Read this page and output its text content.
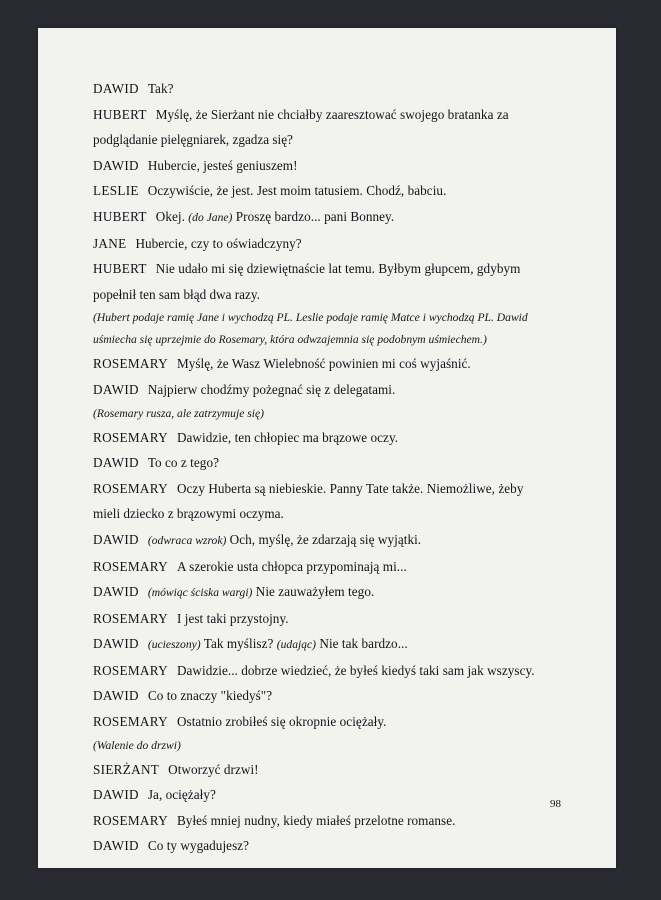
DAWID Tak?
HUBERT Myślę, że Sierżant nie chciałby zaaresztować swojego bratanka za
podglądanie pielęgniarek, zgadza się?
DAWID Hubercie, jesteś geniuszem!
LESLIE Oczywiście, że jest. Jest moim tatusiem. Chodź, babciu.
HUBERT Okej. (do Jane) Proszę bardzo... pani Bonney.
JANE Hubercie, czy to oświadczyny?
HUBERT Nie udało mi się dziewiętnaście lat temu. Byłbym głupcem, gdybym
popełnił ten sam błąd dwa razy.
(Hubert podaje ramię Jane i wychodzą PL. Leslie podaje ramię Matce i wychodzą PL. Dawid
uśmiecha się uprzejmie do Rosemary, która odwzajemnia się podobnym uśmiechem.)
ROSEMARY Myślę, że Wasz Wielebność powinien mi coś wyjaśnić.
DAWID Najpierw chodźmy pożegnać się z delegatami.
(Rosemary rusza, ale zatrzymuje się)
ROSEMARY Dawidzie, ten chłopiec ma brązowe oczy.
DAWID To co z tego?
ROSEMARY Oczy Huberta są niebieskie. Panny Tate także. Niemożliwe, żeby
mieli dziecko z brązowymi oczyma.
DAWID (odwraca wzrok) Och, myślę, że zdarzają się wyjątki.
ROSEMARY A szerokie usta chłopca przypominają mi...
DAWID (mówiąc ściska wargi) Nie zauważyłem tego.
ROSEMARY I jest taki przystojny.
DAWID (ucieszony) Tak myślisz? (udając) Nie tak bardzo...
ROSEMARY Dawidzie... dobrze wiedzieć, że byłeś kiedyś taki sam jak wszyscy.
DAWID Co to znaczy "kiedyś"?
ROSEMARY Ostatnio zrobiłeś się okropnie ociężały.
(Walenie do drzwi)
SIERŻANT Otworzyć drzwi!
DAWID Ja, ociężały?
ROSEMARY Byłeś mniej nudny, kiedy miałeś przelotne romanse.
DAWID Co ty wygadujesz?
98
